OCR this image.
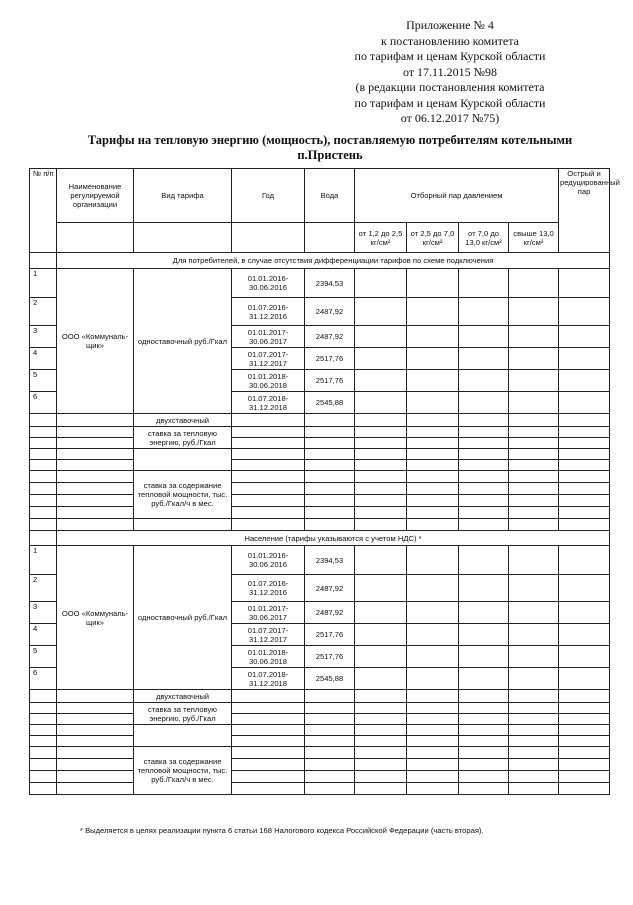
Приложение № 4
к постановлению комитета
по тарифам и ценам Курской области
от 17.11.2015 №98
(в редакции постановления комитета
по тарифам и ценам Курской области
от 06.12.2017 №75)
Тарифы на тепловую энергию (мощность), поставляемую потребителям котельными
п.Пристень
№ п/п	Наименование регулируемой организации	Вид тарифа	Год	Вода	Отборный пар давлением				Острый и редуцированный пар
					от 1,2 до 2,5 кг/см²	от 2,5 до 7,0 кг/см²	от 7,0 до 13,0 кг/см²	свыше 13,0 кг/см²	
	Для потребителей, в случае отсутствия дифференциации тарифов по схеме подключения								
1	ООО «Коммуналь-щик»	одноставочный руб./Гкал	01.01.2016-30.06.2016	2394,53					
2			01.07.2016-31.12.2016	2487,92					
3			01.01.2017-30.06.2017	2487,92					
4			01.07.2017-31.12.2017	2517,76					
5			01.01.2018-30.06.2018	2517,76					
6			01.07.2018-31.12.2018	2545,88					
		двухставочный							
		ставка за тепловую энергию, руб./Гкал							

		ставка за содержание тепловой мощности, тыс. руб./Гкал/ч в мес.							

	Население (тарифы указываются с учетом НДС) *								
1	ООО «Коммуналь-щик»	одноставочный руб./Гкал	01.01.2016-30.06.2016	2394,53					
2			01.07.2016-31.12.2016	2487,92					
3			01.01.2017-30.06.2017	2487,92					
4			01.07.2017-31.12.2017	2517,76					
5			01.01.2018-30.06.2018	2517,76					
6			01.07.2018-31.12.2018	2545,88					
		двухставочный							
		ставка за тепловую энергию, руб./Гкал							

		ставка за содержание тепловой мощности, тыс. руб./Гкал/ч в мес.							

* Выделяется в целях реализации пункта 6 статьи 168 Налогового кодекса Российской Федерации (часть вторая).
